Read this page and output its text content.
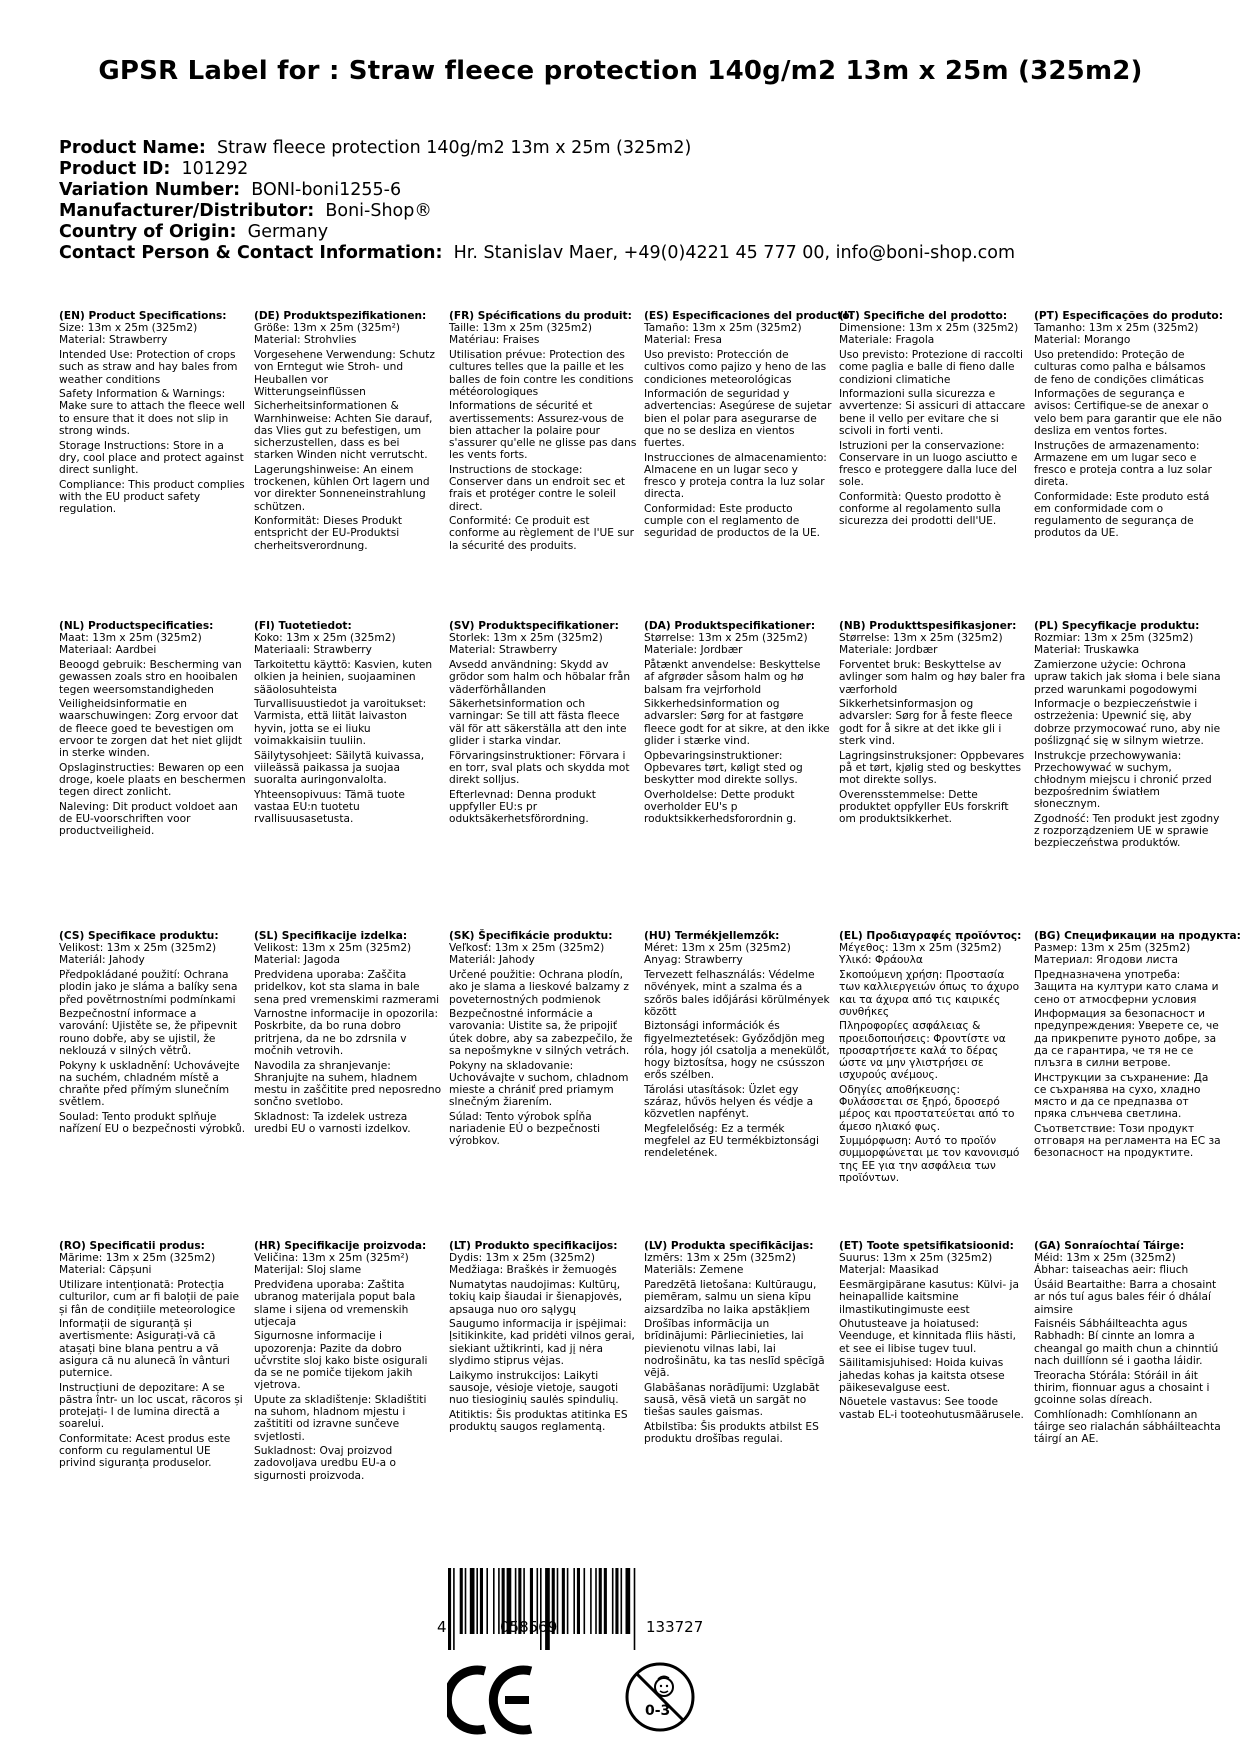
GPSR Label for : Straw fleece protection 140g/m2 13m x 25m (325m2)
Product Name: Straw fleece protection 140g/m2 13m x 25m (325m2)
Product ID: 101292
Variation Number: BONI-boni1255-6
Manufacturer/Distributor: Boni-Shop®
Country of Origin: Germany
Contact Person & Contact Information: Hr. Stanislav Maer, +49(0)4221 45 777 00, info@boni-shop.com
(EN) Product Specifications:
Size: 13m x 25m (325m2)
Material: Strawberry
Intended Use: Protection of crops such as straw and hay bales from weather conditions
Safety Information & Warnings: Make sure to attach the fleece well to ensure that it does not slip in strong winds.
Storage Instructions: Store in a dry, cool place and protect against direct sunlight.
Compliance: This product complies with the EU product safety regulation.
(DE) Produktspezifikationen:
Größe: 13m x 25m (325m²)
Material: Strohvlies
Vorgesehene Verwendung: Schutz von Erntegut wie Stroh- und Heuballen vor Witterungseinflüssen
Sicherheitsinformationen & Warnhinweise: Achten Sie darauf, das Vlies gut zu befestigen, um sicherzustellen, dass es bei starken Winden nicht verrutscht.
Lagerungshinweise: An einem trockenen, kühlen Ort lagern und vor direkter Sonneneinstrahlung schützen.
Konformität: Dieses Produkt entspricht der EU-Produktsi cherheitsverordnung.
(FR) Spécifications du produit:
Taille: 13m x 25m (325m2)
Matériau: Fraises
Utilisation prévue: Protection des cultures telles que la paille et les balles de foin contre les conditions météorologiques
Informations de sécurité et avertissements: Assurez-vous de bien attacher la polaire pour s'assurer qu'elle ne glisse pas dans les vents forts.
Instructions de stockage: Conserver dans un endroit sec et frais et protéger contre le soleil direct.
Conformité: Ce produit est conforme au règlement de l'UE sur la sécurité des produits.
(ES) Especificaciones del producto:
Tamaño: 13m x 25m (325m2)
Material: Fresa
Uso previsto: Protección de cultivos como pajizo y heno de las condiciones meteorológicas
Información de seguridad y advertencias: Asegúrese de sujetar bien el polar para asegurarse de que no se desliza en vientos fuertes.
Instrucciones de almacenamiento: Almacene en un lugar seco y fresco y proteja contra la luz solar directa.
Conformidad: Este producto cumple con el reglamento de seguridad de productos de la UE.
(IT) Specifiche del prodotto:
Dimensione: 13m x 25m (325m2)
Materiale: Fragola
Uso previsto: Protezione di raccolti come paglia e balle di fieno dalle condizioni climatiche
Informazioni sulla sicurezza e avvertenze: Si assicuri di attaccare bene il vello per evitare che si scivoli in forti venti.
Istruzioni per la conservazione: Conservare in un luogo asciutto e fresco e proteggere dalla luce del sole.
Conformità: Questo prodotto è conforme al regolamento sulla sicurezza dei prodotti dell'UE.
(PT) Especificações do produto:
Tamanho: 13m x 25m (325m2)
Material: Morango
Uso pretendido: Proteção de culturas como palha e bálsamos de feno de condições climáticas
Informações de segurança e avisos: Certifique-se de anexar o velo bem para garantir que ele não desliza em ventos fortes.
Instruções de armazenamento: Armazene em um lugar seco e fresco e proteja contra a luz solar direta.
Conformidade: Este produto está em conformidade com o regulamento de segurança de produtos da UE.
(NL) Productspecificaties:
Maat: 13m x 25m (325m2)
Materiaal: Aardbei
Beoogd gebruik: Bescherming van gewassen zoals stro en hooibalen tegen weersomstandigheden
Veiligheidsinformatie en waarschuwingen: Zorg ervoor dat de fleece goed te bevestigen om ervoor te zorgen dat het niet glijdt in sterke winden.
Opslaginstructies: Bewaren op een droge, koele plaats en beschermen tegen direct zonlicht.
Naleving: Dit product voldoet aan de EU-voorschriften voor productveiligheid.
(FI) Tuotetiedot:
Koko: 13m x 25m (325m2)
Materiaali: Strawberry
Tarkoitettu käyttö: Kasvien, kuten olkien ja heinien, suojaaminen sääolosuhteista
Turvallisuustiedot ja varoitukset: Varmista, että liität laivaston hyvin, jotta se ei liuku voimakkaisiin tuuliin.
Säilytysohjeet: Säilytä kuivassa, viileässä paikassa ja suojaa suoralta auringonvalolta.
Yhteensopivuus: Tämä tuote vastaa EU:n tuotetu rvallisuusasetusta.
(SV) Produktspecifikationer:
Storlek: 13m x 25m (325m2)
Material: Strawberry
Avsedd användning: Skydd av grödor som halm och höbalar från väderförhållanden
Säkerhetsinformation och varningar: Se till att fästa fleece väl för att säkerställa att den inte glider i starka vindar.
Förvaringsinstruktioner: Förvara i en torr, sval plats och skydda mot direkt solljus.
Efterlevnad: Denna produkt uppfyller EU:s pr oduktsäkerhetsförordning.
(DA) Produktspecifikationer:
Størrelse: 13m x 25m (325m2)
Materiale: Jordbær
Påtænkt anvendelse: Beskyttelse af afgrøder såsom halm og hø balsam fra vejrforhold
Sikkerhedsinformation og advarsler: Sørg for at fastgøre fleece godt for at sikre, at den ikke glider i stærke vind.
Opbevaringsinstruktioner: Opbevares tørt, køligt sted og beskytter mod direkte sollys.
Overholdelse: Dette produkt overholder EU's p roduktsikkerhedsforordnin g.
(NB) Produkttspesifikasjoner:
Størrelse: 13m x 25m (325m2)
Materiale: Jordbær
Forventet bruk: Beskyttelse av avlinger som halm og høy baler fra værforhold
Sikkerhetsinformasjon og advarsler: Sørg for å feste fleece godt for å sikre at det ikke gli i sterk vind.
Lagringsinstruksjoner: Oppbevares på et tørt, kjølig sted og beskyttes mot direkte sollys.
Overensstemmelse: Dette produktet oppfyller EUs forskrift om produktsikkerhet.
(PL) Specyfikacje produktu:
Rozmiar: 13m x 25m (325m2)
Materiał: Truskawka
Zamierzone użycie: Ochrona upraw takich jak słoma i bele siana przed warunkami pogodowymi
Informacje o bezpieczeństwie i ostrzeżenia: Upewnić się, aby dobrze przymocować runo, aby nie poślizgnąć się w silnym wietrze.
Instrukcje przechowywania: Przechowywać w suchym, chłodnym miejscu i chronić przed bezpośrednim światłem słonecznym.
Zgodność: Ten produkt jest zgodny z rozporządzeniem UE w sprawie bezpieczeństwa produktów.
(CS) Specifikace produktu:
Velikost: 13m x 25m (325m2)
Materiál: Jahody
Předpokládané použití: Ochrana plodin jako je sláma a balíky sena před povětrnostními podmínkami
Bezpečnostní informace a varování: Ujistěte se, že připevnit rouno dobře, aby se ujistil, že neklouzá v silných větrů.
Pokyny k uskladnění: Uchovávejte na suchém, chladném místě a chraňte před přímým slunečním světlem.
Soulad: Tento produkt splňuje nařízení EU o bezpečnosti výrobků.
(SL) Specifikacije izdelka:
Velikost: 13m x 25m (325m2)
Material: Jagoda
Predvidena uporaba: Zaščita pridelkov, kot sta slama in bale sena pred vremenskimi razmerami
Varnostne informacije in opozorila: Poskrbite, da bo runa dobro pritrjena, da ne bo zdrsnila v močnih vetrovih.
Navodila za shranjevanje: Shranjujte na suhem, hladnem mestu in zaščitite pred neposredno sončno svetlobo.
Skladnost: Ta izdelek ustreza uredbi EU o varnosti izdelkov.
(SK) Špecifikácie produktu:
Veľkosť: 13m x 25m (325m2)
Materiál: Jahody
Určené použitie: Ochrana plodín, ako je slama a lieskové balzamy z poveternostných podmienok
Bezpečnostné informácie a varovania: Uistite sa, že pripojiť útek dobre, aby sa zabezpečilo, že sa nepošmykne v silných vetrách.
Pokyny na skladovanie: Uchovávajte v suchom, chladnom mieste a chrániť pred priamym slnečným žiarením.
Súlad: Tento výrobok spĺňa nariadenie EÚ o bezpečnosti výrobkov.
(HU) Termékjellemzők:
Méret: 13m x 25m (325m2)
Anyag: Strawberry
Tervezett felhasználás: Védelme növények, mint a szalma és a szőrös bales időjárási körülmények között
Biztonsági információk és figyelmeztetések: Győződjön meg róla, hogy jól csatolja a menekülőt, hogy biztosítsa, hogy ne csússzon erős szélben.
Tárolási utasítások: Üzlet egy száraz, hűvös helyen és védje a közvetlen napfényt.
Megfelelőség: Ez a termék megfelel az EU termékbiztonsági rendeletének.
(EL) Προδιαγραφές προϊόντος:
Μέγεθος: 13m x 25m (325m2)
Υλικό: Φράουλα
Σκοπούμενη χρήση: Προστασία των καλλιεργειών όπως το άχυρο και τα άχυρα από τις καιρικές συνθήκες
Πληροφορίες ασφάλειας & προειδοποιήσεις: Φροντίστε να προσαρτήσετε καλά το δέρας ώστε να μην γλιστρήσει σε ισχυρούς ανέμους.
Οδηγίες αποθήκευσης: Φυλάσσεται σε ξηρό, δροσερό μέρος και προστατεύεται από το άμεσο ηλιακό φως.
Συμμόρφωση: Αυτό το προϊόν συμμορφώνεται με τον κανονισμό της ΕΕ για την ασφάλεια των προϊόντων.
(BG) Спецификации на продукта:
Размер: 13m x 25m (325m2)
Материал: Ягодови листа
Предназначена употреба: Защита на култури като слама и сено от атмосферни условия
Информация за безопасност и предупреждения: Уверете се, че да прикрепите руното добре, за да се гарантира, че тя не се плъзга в силни ветрове.
Инструкции за съхранение: Да се съхранява на сухо, хладно място и да се предпазва от пряка слънчева светлина.
Съответствие: Този продукт отговаря на регламента на ЕС за безопасност на продуктите.
(RO) Specificatii produs:
Mărime: 13m x 25m (325m2)
Material: Căpșuni
Utilizare intenționată: Protecția culturilor, cum ar fi baloții de paie și fân de condițiile meteorologice
Informații de siguranță și avertismente: Asigurați-vă că atașați bine blana pentru a vă asigura că nu alunecă în vânturi puternice.
Instrucțiuni de depozitare: A se păstra într- un loc uscat, răcoros și protejați- l de lumina directă a soarelui.
Conformitate: Acest produs este conform cu regulamentul UE privind siguranța produselor.
(HR) Specifikacije proizvoda:
Veličina: 13m x 25m (325m²)
Materijal: Sloj slame
Predviđena uporaba: Zaštita ubranog materijala poput bala slame i sijena od vremenskih utjecaja
Sigurnosne informacije i upozorenja: Pazite da dobro učvrstite sloj kako biste osigurali da se ne pomiče tijekom jakih vjetrova.
Upute za skladištenje: Skladištiti na suhom, hladnom mjestu i zaštititi od izravne sunčeve svjetlosti.
Sukladnost: Ovaj proizvod zadovoljava uredbu EU-a o sigurnosti proizvoda.
(LT) Produkto specifikacijos:
Dydis: 13m x 25m (325m2)
Medžiaga: Braškės ir žemuogės
Numatytas naudojimas: Kultūrų, tokių kaip šiaudai ir šienapjovės, apsauga nuo oro sąlygų
Saugumo informacija ir įspėjimai: Įsitikinkite, kad pridėti vilnos gerai, siekiant užtikrinti, kad jį nėra slydimo stiprus vėjas.
Laikymo instrukcijos: Laikyti sausoje, vėsioje vietoje, saugoti nuo tiesioginių saulės spindulių.
Atitiktis: Šis produktas atitinka ES produktų saugos reglamentą.
(LV) Produkta specifikācijas:
Izmērs: 13m x 25m (325m2)
Materiāls: Zemene
Paredzētā lietošana: Kultūraugu, piemēram, salmu un siena kīpu aizsardzība no laika apstākļiem
Drošības informācija un brīdinājumi: Pārliecinieties, lai pievienotu vilnas labi, lai nodrošinātu, ka tas neslīd spēcīgā vējā.
Glabāšanas norādījumi: Uzglabāt sausā, vēsā vietā un sargāt no tiešas saules gaismas.
Atbilstība: Šis produkts atbilst ES produktu drošības regulai.
(ET) Toote spetsifikatsioonid:
Suurus: 13m x 25m (325m2)
Materjal: Maasikad
Eesmärgipärane kasutus: Külvi- ja heinapallide kaitsmine ilmastikutingimuste eest
Ohutusteave ja hoiatused: Veenduge, et kinnitada fliis hästi, et see ei libise tugev tuul.
Säilitamisjuhised: Hoida kuivas jahedas kohas ja kaitsta otsese päikesevalguse eest.
Nõuetele vastavus: See toode vastab EL-i tooteohutusmäärusele.
(GA) Sonraíochtaí Táirge:
Méid: 13m x 25m (325m2)
Ábhar: taiseachas aeir: fliuch
Úsáid Beartaithe: Barra a chosaint ar nós tuí agus bales féir ó dhálaí aimsire
Faisnéis Sábháilteachta agus Rabhadh: Bí cinnte an lomra a cheangal go maith chun a chinntiú nach duillíonn sé i gaotha láidir.
Treoracha Stórála: Stóráil in áit thirim, fionnuar agus a chosaint i gcoinne solas díreach.
Comhlíonadh: Comhlíonann an táirge seo rialachán sábháilteachta táirgí an AE.
4	058569	133727
0-3
